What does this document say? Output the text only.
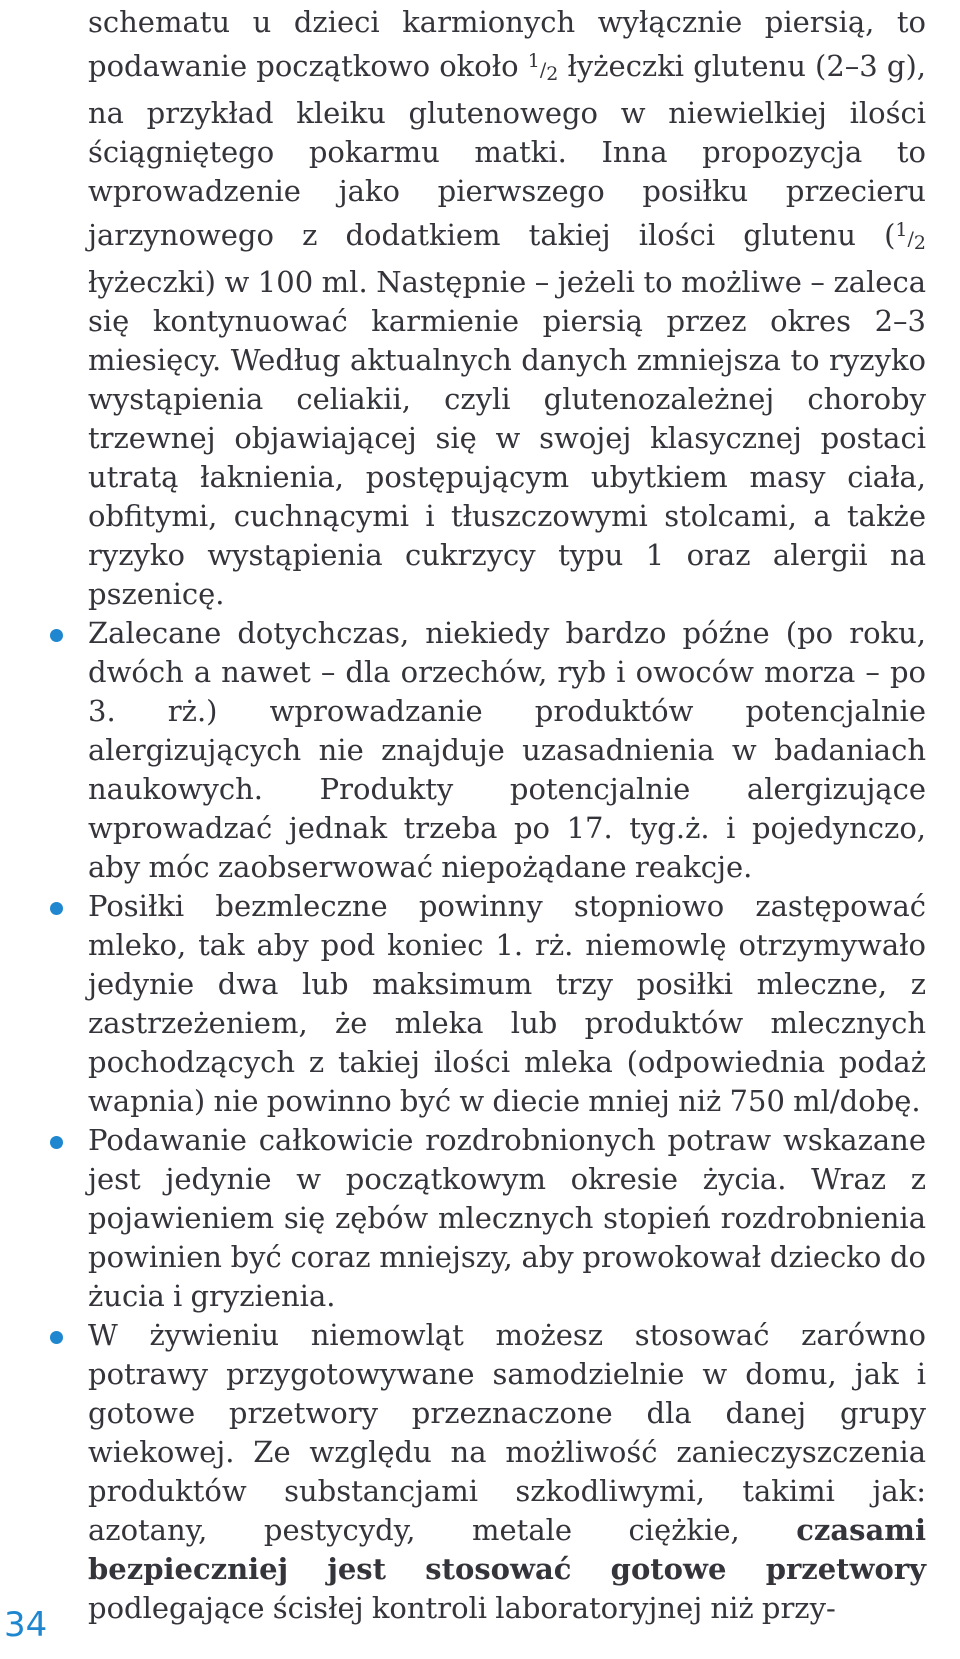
schematu u dzieci karmionych wyłącznie piersią, to podawanie początkowo około 1/2 łyżeczki glutenu (2–3 g), na przykład kleiku glutenowego w niewielkiej ilości ściągniętego pokarmu matki. Inna propozycja to wprowadzenie jako pierwszego posiłku przecieru jarzynowego z dodatkiem takiej ilości glutenu (1/2 łyżeczki) w 100 ml. Następnie – jeżeli to możliwe – zaleca się kontynuować karmienie piersią przez okres 2–3 miesięcy. Według aktualnych danych zmniejsza to ryzyko wystąpienia celiakii, czyli glutenozależnej choroby trzewnej objawiającej się w swojej klasycznej postaci utratą łaknienia, postępującym ubytkiem masy ciała, obfitymi, cuchnącymi i tłuszczowymi stolcami, a także ryzyko wystąpienia cukrzycy typu 1 oraz alergii na pszenicę.

Zalecane dotychczas, niekiedy bardzo późne (po roku, dwóch a nawet – dla orzechów, ryb i owoców morza – po 3. rż.) wprowadzanie produktów potencjalnie alergizujących nie znajduje uzasadnienia w badaniach naukowych. Produkty potencjalnie alergizujące wprowadzać jednak trzeba po 17. tyg.ż. i pojedynczo, aby móc zaobserwować niepożądane reakcje.

Posiłki bezmleczne powinny stopniowo zastępować mleko, tak aby pod koniec 1. rż. niemowlę otrzymywało jedynie dwa lub maksimum trzy posiłki mleczne, z zastrzeżeniem, że mleka lub produktów mlecznych pochodzących z takiej ilości mleka (odpowiednia podaż wapnia) nie powinno być w diecie mniej niż 750 ml/dobę.

Podawanie całkowicie rozdrobnionych potraw wskazane jest jedynie w początkowym okresie życia. Wraz z pojawieniem się zębów mlecznych stopień rozdrobnienia powinien być coraz mniejszy, aby prowokował dziecko do żucia i gryzienia.

W żywieniu niemowląt możesz stosować zarówno potrawy przygotowywane samodzielnie w domu, jak i gotowe przetwory przeznaczone dla danej grupy wiekowej. Ze względu na możliwość zanieczyszczenia produktów substancjami szkodliwymi, takimi jak: azotany, pestycydy, metale ciężkie, czasami bezpieczniej jest stosować gotowe przetwory podlegające ścisłej kontroli laboratoryjnej niż przy-

34
